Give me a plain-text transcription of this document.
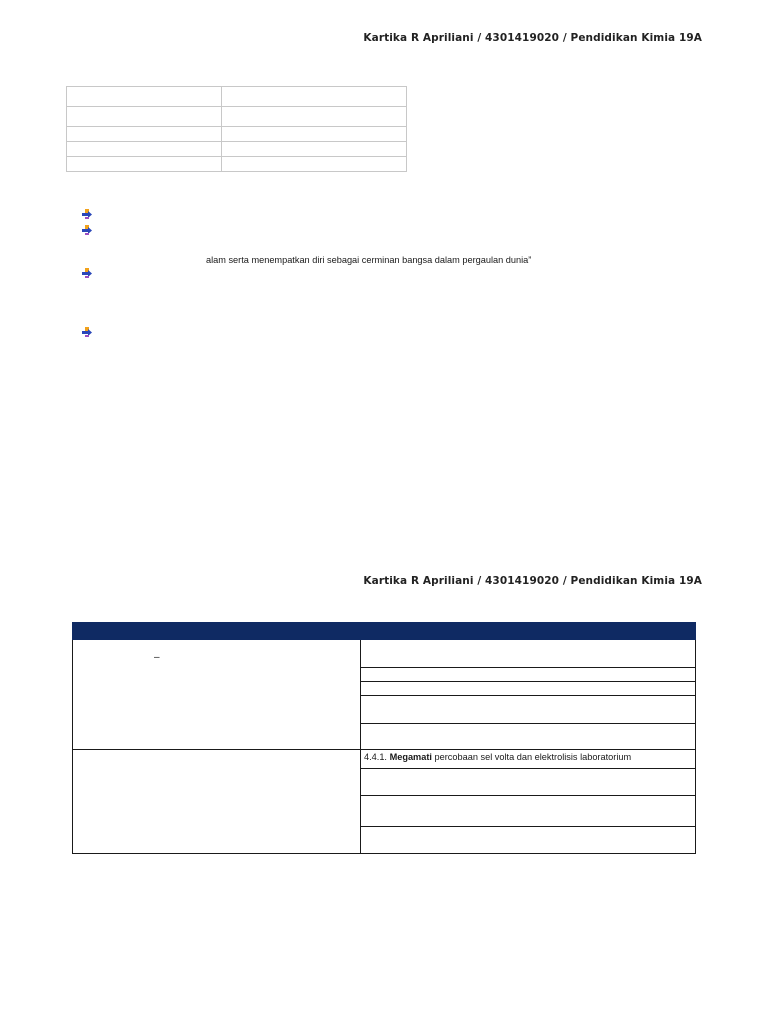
Kartika R Apriliani / 4301419020 / Pendidikan Kimia 19A

alam serta menempatkan diri sebagai cerminan bangsa dalam pergaulan dunia”
Kartika R Apriliani / 4301419020 / Pendidikan Kimia 19A

–	

	4.4.1. Megamati percobaan sel volta dan elektrolisis laboratorium
